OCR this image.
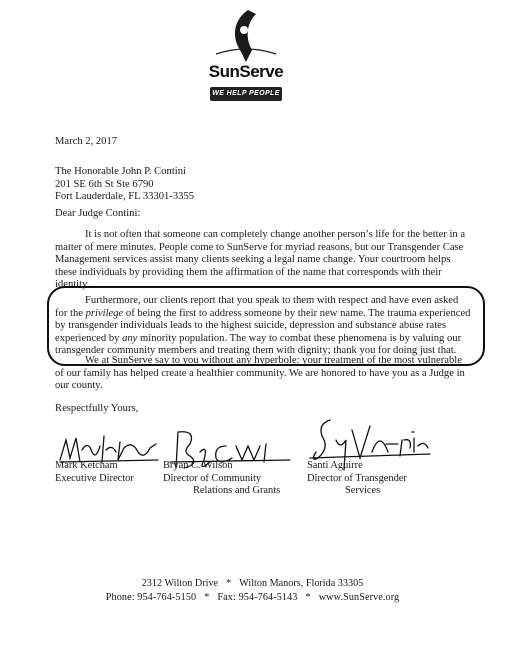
SunServe
WE HELP PEOPLE
March 2, 2017
The Honorable John P. Contini
201 SE 6th St Ste 6790
Fort Lauderdale, FL 33301-3355
Dear Judge Contini:

It is not often that someone can completely change another person’s life for the better in a matter of mere minutes. People come to SunServe for myriad reasons, but our Transgender Case Management services assist many clients seeking a legal name change. Your courtroom helps these individuals by providing them the affirmation of the name that corresponds with their identity.

Furthermore, our clients report that you speak to them with respect and have even asked for the privilege of being the first to address someone by their new name. The trauma experienced by transgender individuals leads to the highest suicide, depression and substance abuse rates experienced by any minority population. The way to combat these phenomena is by valuing our transgender community members and treating them with dignity; thank you for doing just that.

We at SunServe say to you without any hyperbole: your treatment of the most vulnerable of our family has helped create a healthier community. We are honored to have you as a Judge in our county.

Respectfully Yours,
Mark Ketcham
Executive Director
Bryan C. Wilson
Director of Community
Relations and Grants
Santi Aguirre
Director of Transgender
Services
2312 Wilton Drive * Wilton Manors, Florida 33305
Phone: 954-764-5150 * Fax: 954-764-5143 * www.SunServe.org
